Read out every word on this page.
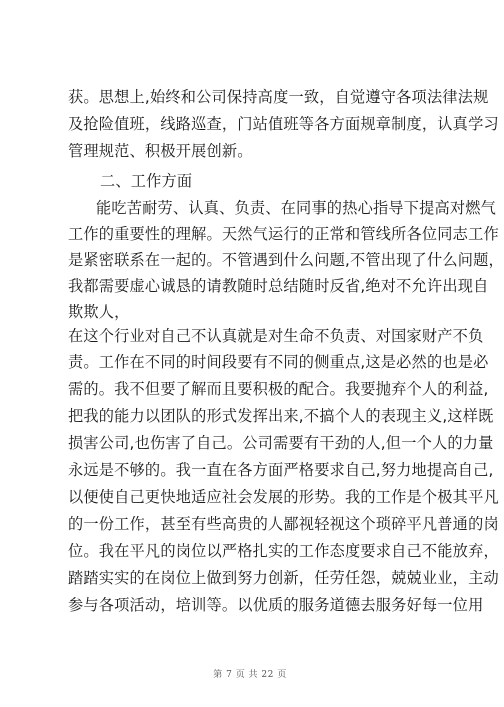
获。思想上,始终和公司保持高度一致，自觉遵守各项法律法规
及抢险值班，线路巡查，门站值班等各方面规章制度，认真学习
管理规范、积极开展创新。
二、工作方面
能吃苦耐劳、认真、负责、在同事的热心指导下提高对燃气
工作的重要性的理解。天然气运行的正常和管线所各位同志工作
是紧密联系在一起的。不管遇到什么问题,不管出现了什么问题，
我都需要虚心诚恳的请教随时总结随时反省,绝对不允许出现自
欺欺人，
在这个行业对自己不认真就是对生命不负责、对国家财产不负
责。工作在不同的时间段要有不同的侧重点,这是必然的也是必
需的。我不但要了解而且要积极的配合。我要抛弃个人的利益,
把我的能力以团队的形式发挥出来,不搞个人的表现主义,这样既
损害公司,也伤害了自己。公司需要有干劲的人,但一个人的力量
永远是不够的。我一直在各方面严格要求自己,努力地提高自己,
以便使自己更快地适应社会发展的形势。我的工作是个极其平凡
的一份工作，甚至有些高贵的人鄙视轻视这个琐碎平凡普通的岗
位。我在平凡的岗位以严格扎实的工作态度要求自己不能放弃，
踏踏实实的在岗位上做到努力创新，任劳任怨，兢兢业业，主动
参与各项活动，培训等。以优质的服务道德去服务好每一位用
第 7 页 共 22 页
